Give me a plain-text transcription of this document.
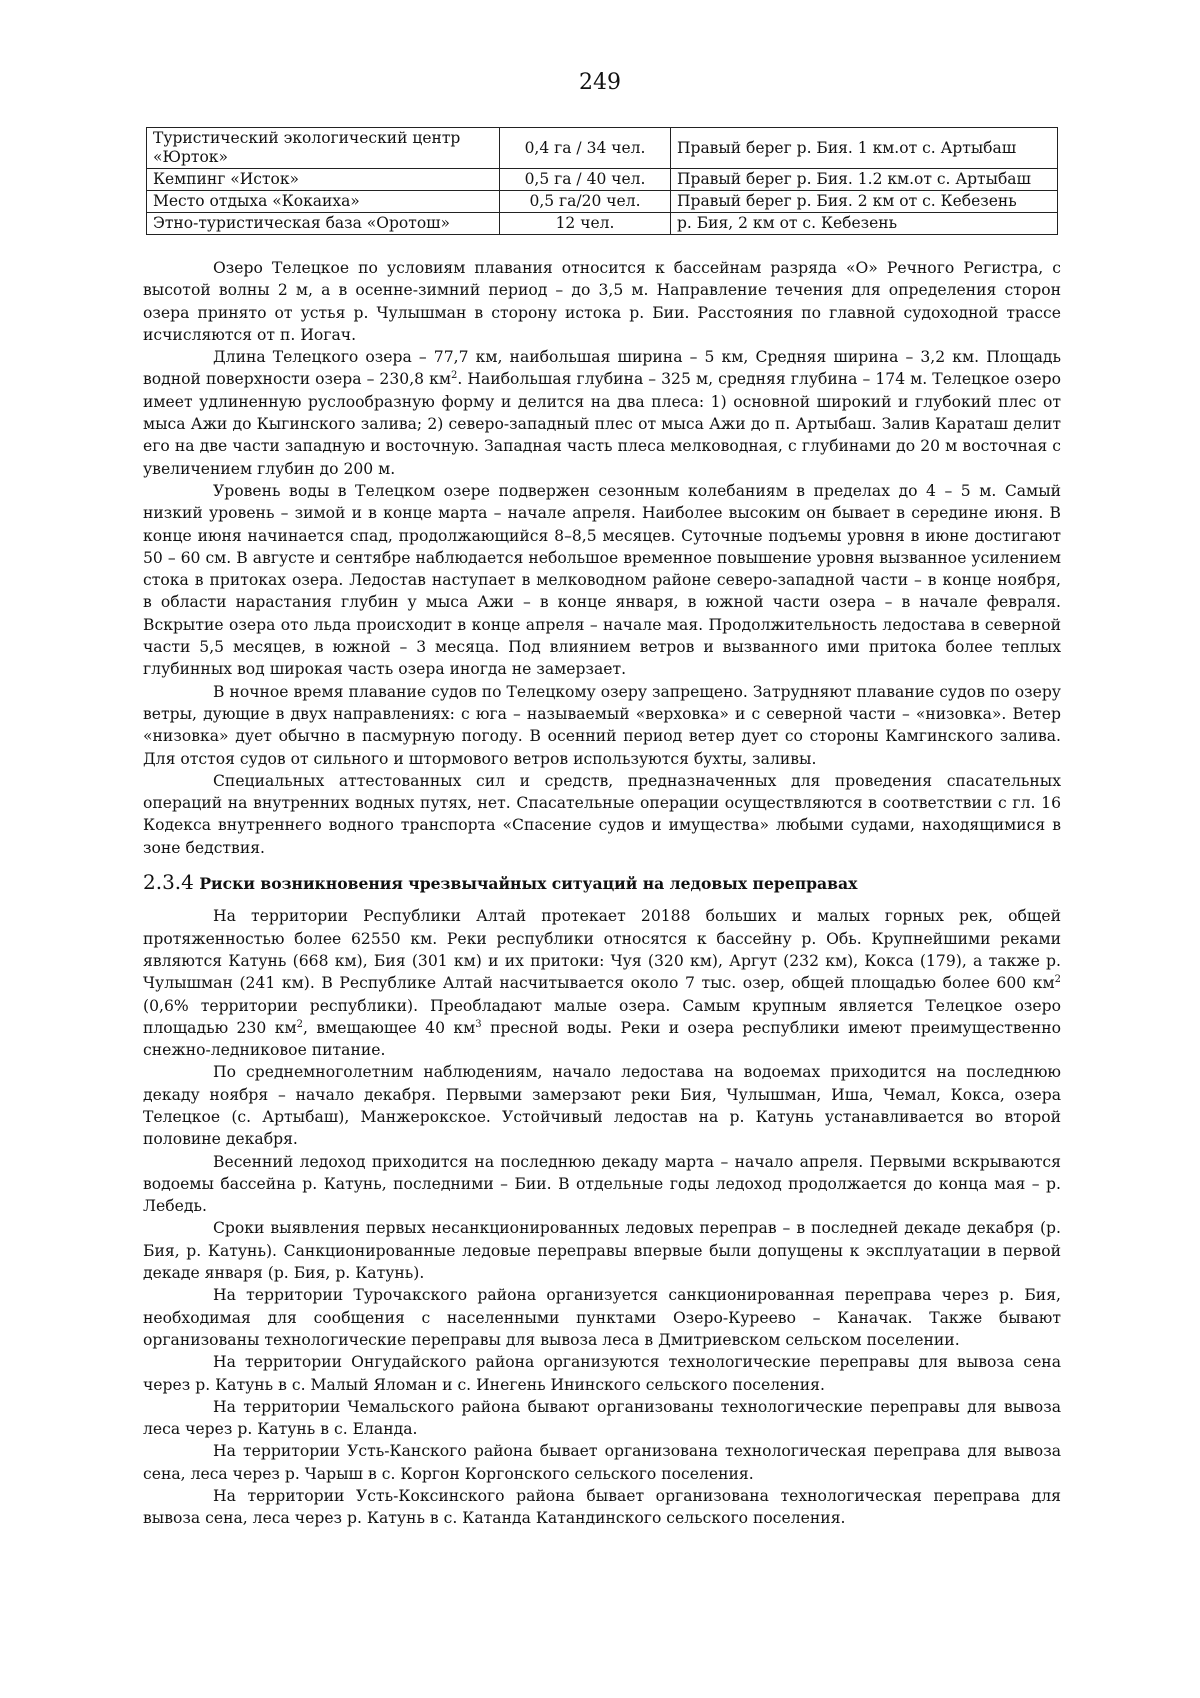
249
Туристический экологический центр «Юрток»	0,4 га / 34 чел.	Правый берег р. Бия. 1 км.от с. Артыбаш
Кемпинг «Исток»	0,5 га / 40 чел.	Правый берег р. Бия. 1.2 км.от с. Артыбаш
Место отдыха «Кокаиха»	0,5 га/20 чел.	Правый берег р. Бия. 2 км от с. Кебезень
Этно-туристическая база «Оротош»	12 чел.	р. Бия, 2 км от с. Кебезень

Озеро Телецкое по условиям плавания относится к бассейнам разряда «О» Речного Регистра, с высотой волны 2 м, а в осенне-зимний период – до 3,5 м. Направление течения для определения сторон озера принято от устья р. Чулышман в сторону истока р. Бии. Расстояния по главной судоходной трассе исчисляются от п. Иогач.

Длина Телецкого озера – 77,7 км, наибольшая ширина – 5 км, Средняя ширина – 3,2 км. Площадь водной поверхности озера – 230,8 $км^2$. Наибольшая глубина – 325 м, средняя глубина – 174 м. Телецкое озеро имеет удлиненную руслообразную форму и делится на два плеса: 1) основной широкий и глубокий плес от мыса Ажи до Кыгинского залива; 2) северо-западный плес от мыса Ажи до п. Артыбаш. Залив Караташ делит его на две части западную и восточную. Западная часть плеса мелководная, с глубинами до 20 м восточная с увеличением глубин до 200 м.

Уровень воды в Телецком озере подвержен сезонным колебаниям в пределах до 4 – 5 м. Самый низкий уровень – зимой и в конце марта – начале апреля. Наиболее высоким он бывает в середине июня. В конце июня начинается спад, продолжающийся 8–8,5 месяцев. Суточные подъемы уровня в июне достигают 50 – 60 см. В августе и сентябре наблюдается небольшое временное повышение уровня вызванное усилением стока в притоках озера. Ледостав наступает в мелководном районе северо-западной части – в конце ноября, в области нарастания глубин у мыса Ажи – в конце января, в южной части озера – в начале февраля. Вскрытие озера ото льда происходит в конце апреля – начале мая. Продолжительность ледостава в северной части 5,5 месяцев, в южной – 3 месяца. Под влиянием ветров и вызванного ими притока более теплых глубинных вод широкая часть озера иногда не замерзает.

В ночное время плавание судов по Телецкому озеру запрещено. Затрудняют плавание судов по озеру ветры, дующие в двух направлениях: с юга – называемый «верховка» и с северной части – «низовка». Ветер «низовка» дует обычно в пасмурную погоду. В осенний период ветер дует со стороны Камгинского залива. Для отстоя судов от сильного и штормового ветров используются бухты, заливы.

Специальных аттестованных сил и средств, предназначенных для проведения спасательных операций на внутренних водных путях, нет. Спасательные операции осуществляются в соответствии с гл. 16 Кодекса внутреннего водного транспорта «Спасение судов и имущества» любыми судами, находящимися в зоне бедствия.

2.3.4 Риски возникновения чрезвычайных ситуаций на ледовых переправах

На территории Республики Алтай протекает 20188 больших и малых горных рек, общей протяженностью более 62550 км. Реки республики относятся к бассейну р. Обь. Крупнейшими реками являются Катунь (668 км), Бия (301 км) и их притоки: Чуя (320 км), Аргут (232 км), Кокса (179), а также р. Чулышман (241 км). В Республике Алтай насчитывается около 7 тыс. озер, общей площадью более 600 $км^2$ (0,6% территории республики). Преобладают малые озера. Самым крупным является Телецкое озеро площадью 230 $км^2$, вмещающее 40 $км^3$ пресной воды. Реки и озера республики имеют преимущественно снежно-ледниковое питание.

По среднемноголетним наблюдениям, начало ледостава на водоемах приходится на последнюю декаду ноября – начало декабря. Первыми замерзают реки Бия, Чулышман, Иша, Чемал, Кокса, озера Телецкое (с. Артыбаш), Манжерокское. Устойчивый ледостав на р. Катунь устанавливается во второй половине декабря.

Весенний ледоход приходится на последнюю декаду марта – начало апреля. Первыми вскрываются водоемы бассейна р. Катунь, последними – Бии. В отдельные годы ледоход продолжается до конца мая – р. Лебедь.

Сроки выявления первых несанкционированных ледовых переправ – в последней декаде декабря (р. Бия, р. Катунь). Санкционированные ледовые переправы впервые были допущены к эксплуатации в первой декаде января (р. Бия, р. Катунь).

На территории Турочакского района организуется санкционированная переправа через р. Бия, необходимая для сообщения с населенными пунктами Озеро-Куреево – Каначак. Также бывают организованы технологические переправы для вывоза леса в Дмитриевском сельском поселении.

На территории Онгудайского района организуются технологические переправы для вывоза сена через р. Катунь в с. Малый Яломан и с. Инегень Ининского сельского поселения.

На территории Чемальского района бывают организованы технологические переправы для вывоза леса через р. Катунь в с. Еланда.

На территории Усть-Канского района бывает организована технологическая переправа для вывоза сена, леса через р. Чарыш в с. Коргон Коргонского сельского поселения.

На территории Усть-Коксинского района бывает организована технологическая переправа для вывоза сена, леса через р. Катунь в с. Катанда Катандинского сельского поселения.
